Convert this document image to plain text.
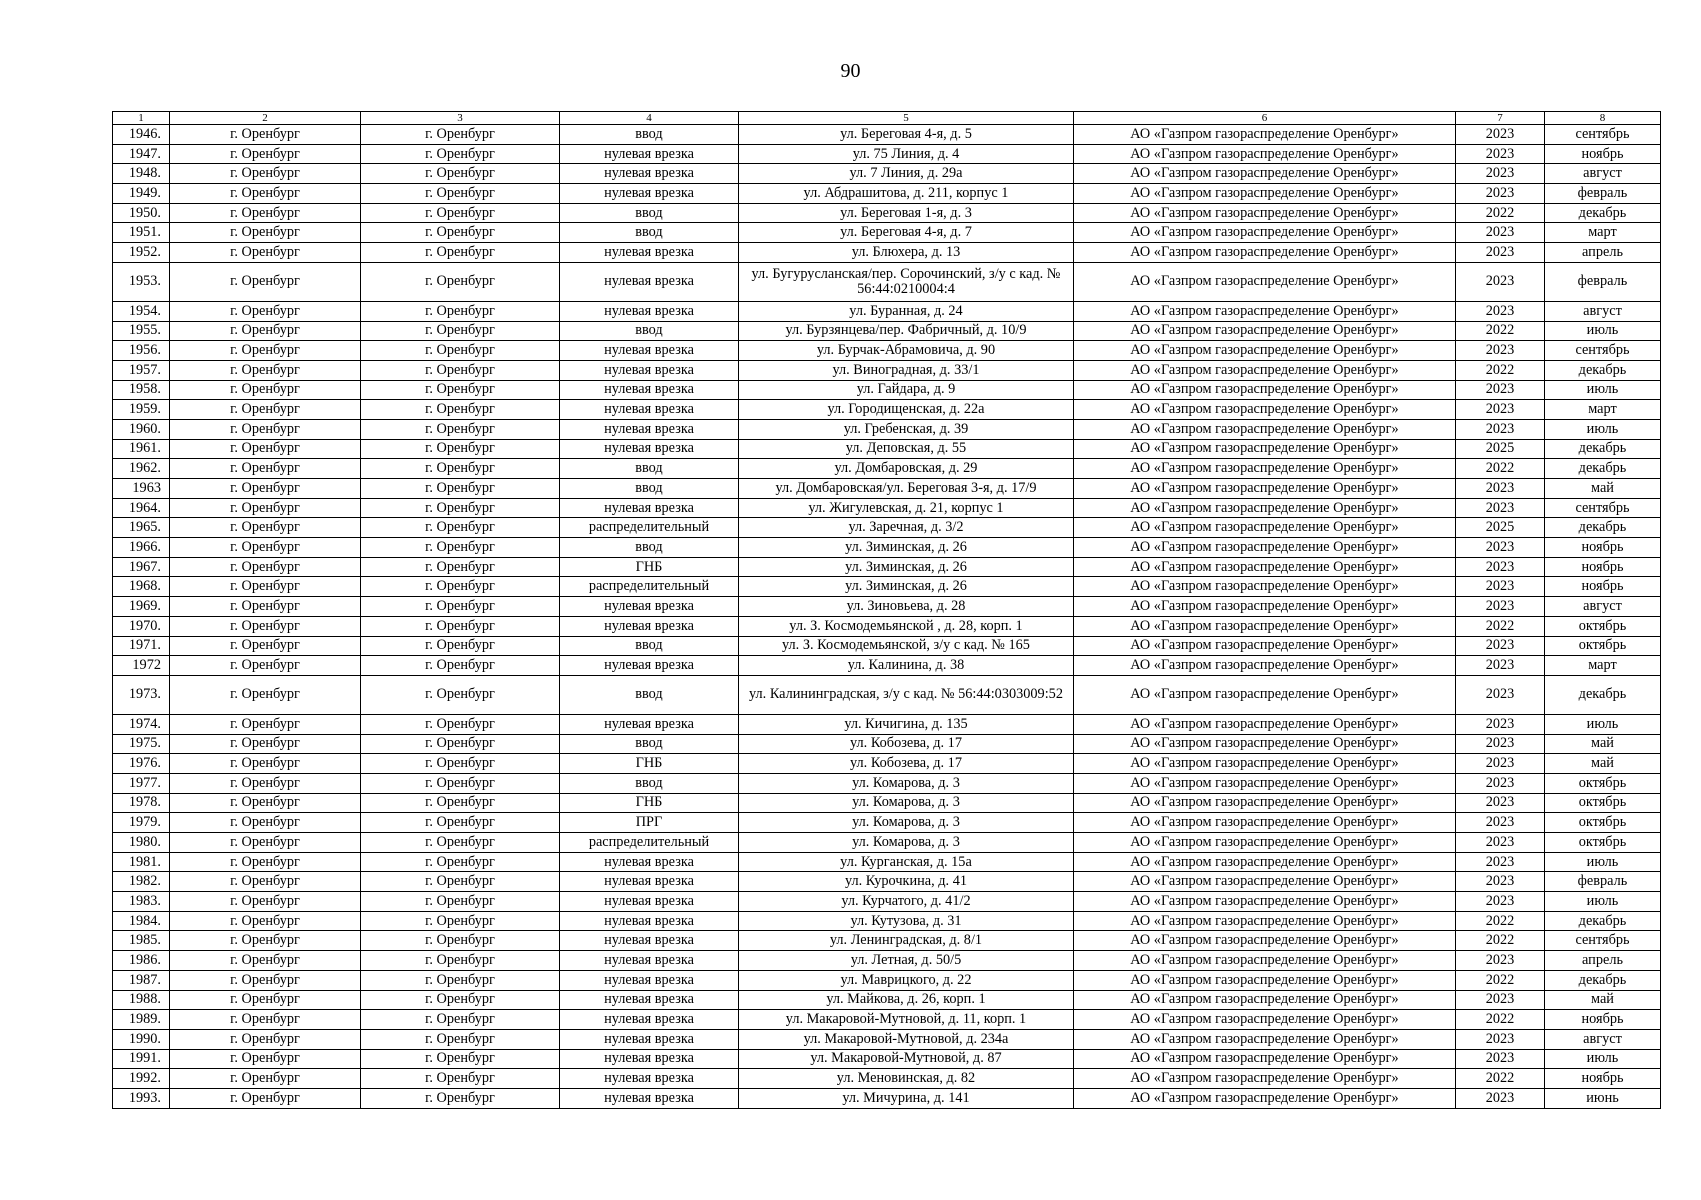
90
1	2	3	4	5	6	7	8
1946.	г. Оренбург	г. Оренбург	ввод	ул. Береговая 4-я, д. 5	АО «Газпром газораспределение Оренбург»	2023	сентябрь
1947.	г. Оренбург	г. Оренбург	нулевая врезка	ул. 75 Линия, д. 4	АО «Газпром газораспределение Оренбург»	2023	ноябрь
1948.	г. Оренбург	г. Оренбург	нулевая врезка	ул. 7 Линия, д. 29а	АО «Газпром газораспределение Оренбург»	2023	август
1949.	г. Оренбург	г. Оренбург	нулевая врезка	ул. Абдрашитова, д. 211, корпус 1	АО «Газпром газораспределение Оренбург»	2023	февраль
1950.	г. Оренбург	г. Оренбург	ввод	ул. Береговая 1-я, д. 3	АО «Газпром газораспределение Оренбург»	2022	декабрь
1951.	г. Оренбург	г. Оренбург	ввод	ул. Береговая 4-я, д. 7	АО «Газпром газораспределение Оренбург»	2023	март
1952.	г. Оренбург	г. Оренбург	нулевая врезка	ул. Блюхера, д. 13	АО «Газпром газораспределение Оренбург»	2023	апрель
1953.	г. Оренбург	г. Оренбург	нулевая врезка	ул. Бугурусланская/пер. Сорочинский, з/у с кад. № 56:44:0210004:4	АО «Газпром газораспределение Оренбург»	2023	февраль
1954.	г. Оренбург	г. Оренбург	нулевая врезка	ул. Буранная, д. 24	АО «Газпром газораспределение Оренбург»	2023	август
1955.	г. Оренбург	г. Оренбург	ввод	ул. Бурзянцева/пер. Фабричный, д. 10/9	АО «Газпром газораспределение Оренбург»	2022	июль
1956.	г. Оренбург	г. Оренбург	нулевая врезка	ул. Бурчак-Абрамовича, д. 90	АО «Газпром газораспределение Оренбург»	2023	сентябрь
1957.	г. Оренбург	г. Оренбург	нулевая врезка	ул. Виноградная, д. 33/1	АО «Газпром газораспределение Оренбург»	2022	декабрь
1958.	г. Оренбург	г. Оренбург	нулевая врезка	ул. Гайдара, д. 9	АО «Газпром газораспределение Оренбург»	2023	июль
1959.	г. Оренбург	г. Оренбург	нулевая врезка	ул. Городищенская, д. 22а	АО «Газпром газораспределение Оренбург»	2023	март
1960.	г. Оренбург	г. Оренбург	нулевая врезка	ул. Гребенская, д. 39	АО «Газпром газораспределение Оренбург»	2023	июль
1961.	г. Оренбург	г. Оренбург	нулевая врезка	ул. Деповская, д. 55	АО «Газпром газораспределение Оренбург»	2025	декабрь
1962.	г. Оренбург	г. Оренбург	ввод	ул. Домбаровская, д. 29	АО «Газпром газораспределение Оренбург»	2022	декабрь
1963	г. Оренбург	г. Оренбург	ввод	ул. Домбаровская/ул. Береговая 3-я, д. 17/9	АО «Газпром газораспределение Оренбург»	2023	май
1964.	г. Оренбург	г. Оренбург	нулевая врезка	ул. Жигулевская, д. 21, корпус 1	АО «Газпром газораспределение Оренбург»	2023	сентябрь
1965.	г. Оренбург	г. Оренбург	распределительный	ул. Заречная, д. 3/2	АО «Газпром газораспределение Оренбург»	2025	декабрь
1966.	г. Оренбург	г. Оренбург	ввод	ул. Зиминская, д. 26	АО «Газпром газораспределение Оренбург»	2023	ноябрь
1967.	г. Оренбург	г. Оренбург	ГНБ	ул. Зиминская, д. 26	АО «Газпром газораспределение Оренбург»	2023	ноябрь
1968.	г. Оренбург	г. Оренбург	распределительный	ул. Зиминская, д. 26	АО «Газпром газораспределение Оренбург»	2023	ноябрь
1969.	г. Оренбург	г. Оренбург	нулевая врезка	ул. Зиновьева, д. 28	АО «Газпром газораспределение Оренбург»	2023	август
1970.	г. Оренбург	г. Оренбург	нулевая врезка	ул. З. Космодемьянской , д. 28, корп. 1	АО «Газпром газораспределение Оренбург»	2022	октябрь
1971.	г. Оренбург	г. Оренбург	ввод	ул. З. Космодемьянской, з/у с кад. № 165	АО «Газпром газораспределение Оренбург»	2023	октябрь
1972	г. Оренбург	г. Оренбург	нулевая врезка	ул. Калинина, д. 38	АО «Газпром газораспределение Оренбург»	2023	март
1973.	г. Оренбург	г. Оренбург	ввод	ул. Калининградская, з/у с кад. № 56:44:0303009:52	АО «Газпром газораспределение Оренбург»	2023	декабрь
1974.	г. Оренбург	г. Оренбург	нулевая врезка	ул. Кичигина, д. 135	АО «Газпром газораспределение Оренбург»	2023	июль
1975.	г. Оренбург	г. Оренбург	ввод	ул. Кобозева, д. 17	АО «Газпром газораспределение Оренбург»	2023	май
1976.	г. Оренбург	г. Оренбург	ГНБ	ул. Кобозева, д. 17	АО «Газпром газораспределение Оренбург»	2023	май
1977.	г. Оренбург	г. Оренбург	ввод	ул. Комарова, д. 3	АО «Газпром газораспределение Оренбург»	2023	октябрь
1978.	г. Оренбург	г. Оренбург	ГНБ	ул. Комарова, д. 3	АО «Газпром газораспределение Оренбург»	2023	октябрь
1979.	г. Оренбург	г. Оренбург	ПРГ	ул. Комарова, д. 3	АО «Газпром газораспределение Оренбург»	2023	октябрь
1980.	г. Оренбург	г. Оренбург	распределительный	ул. Комарова, д. 3	АО «Газпром газораспределение Оренбург»	2023	октябрь
1981.	г. Оренбург	г. Оренбург	нулевая врезка	ул. Курганская, д. 15а	АО «Газпром газораспределение Оренбург»	2023	июль
1982.	г. Оренбург	г. Оренбург	нулевая врезка	ул. Курочкина, д. 41	АО «Газпром газораспределение Оренбург»	2023	февраль
1983.	г. Оренбург	г. Оренбург	нулевая врезка	ул. Курчатого, д. 41/2	АО «Газпром газораспределение Оренбург»	2023	июль
1984.	г. Оренбург	г. Оренбург	нулевая врезка	ул. Кутузова, д. 31	АО «Газпром газораспределение Оренбург»	2022	декабрь
1985.	г. Оренбург	г. Оренбург	нулевая врезка	ул. Ленинградская, д. 8/1	АО «Газпром газораспределение Оренбург»	2022	сентябрь
1986.	г. Оренбург	г. Оренбург	нулевая врезка	ул. Летная, д. 50/5	АО «Газпром газораспределение Оренбург»	2023	апрель
1987.	г. Оренбург	г. Оренбург	нулевая врезка	ул. Маврицкого, д. 22	АО «Газпром газораспределение Оренбург»	2022	декабрь
1988.	г. Оренбург	г. Оренбург	нулевая врезка	ул. Майкова, д. 26, корп. 1	АО «Газпром газораспределение Оренбург»	2023	май
1989.	г. Оренбург	г. Оренбург	нулевая врезка	ул. Макаровой-Мутновой, д. 11, корп. 1	АО «Газпром газораспределение Оренбург»	2022	ноябрь
1990.	г. Оренбург	г. Оренбург	нулевая врезка	ул. Макаровой-Мутновой, д. 234а	АО «Газпром газораспределение Оренбург»	2023	август
1991.	г. Оренбург	г. Оренбург	нулевая врезка	ул. Макаровой-Мутновой, д. 87	АО «Газпром газораспределение Оренбург»	2023	июль
1992.	г. Оренбург	г. Оренбург	нулевая врезка	ул. Меновинская, д. 82	АО «Газпром газораспределение Оренбург»	2022	ноябрь
1993.	г. Оренбург	г. Оренбург	нулевая врезка	ул. Мичурина, д. 141	АО «Газпром газораспределение Оренбург»	2023	июнь
